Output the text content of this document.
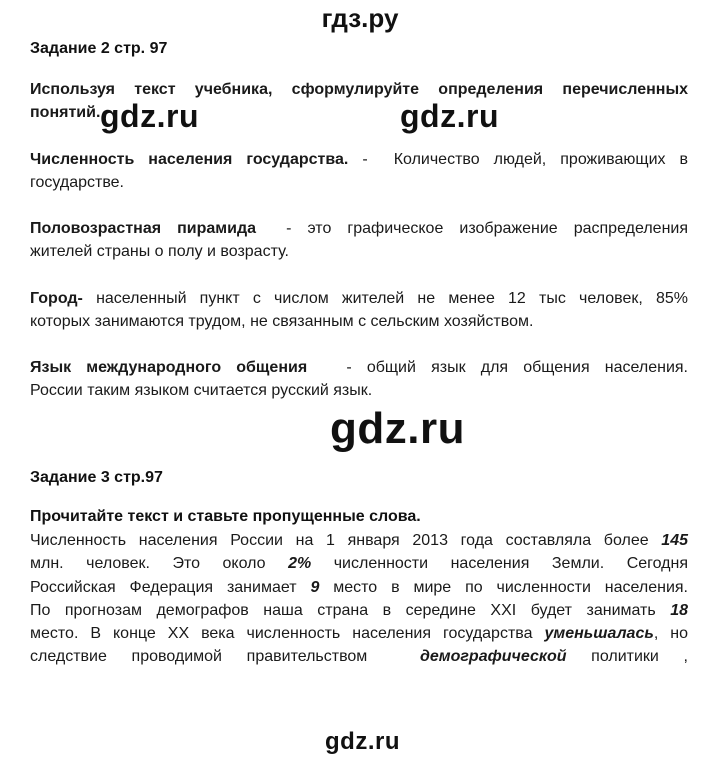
гдз.ру
Задание 2 стр. 97
Используя текст учебника, сформулируйте определения перечисленных
понятий.
Численность населения государства. - Количество людей, проживающих в
государстве.
Половозрастная пирамида - это графическое изображение распределения
жителей страны о полу и возрасту.
Город- населенный пункт с числом жителей не менее 12 тыс человек, 85%
которых занимаются трудом, не связанным с сельским хозяйством.
Язык международного общения - общий язык для общения населения.
России таким языком считается русский язык.
Задание 3 стр.97
Прочитайте текст и ставьте пропущенные слова.
Численность населения России на 1 января 2013 года составляла более 145
млн. человек. Это около 2% численности населения Земли. Сегодня
Российская Федерация занимает 9 место в мире по численности населения.
По прогнозам демографов наша страна в середине XXI будет занимать 18
место. В конце XX века численность населения государства уменьшалась, но
следствие проводимой правительством демографической политики ,
gdz.ru	gdz.ru
gdz.ru
gdz.ru
